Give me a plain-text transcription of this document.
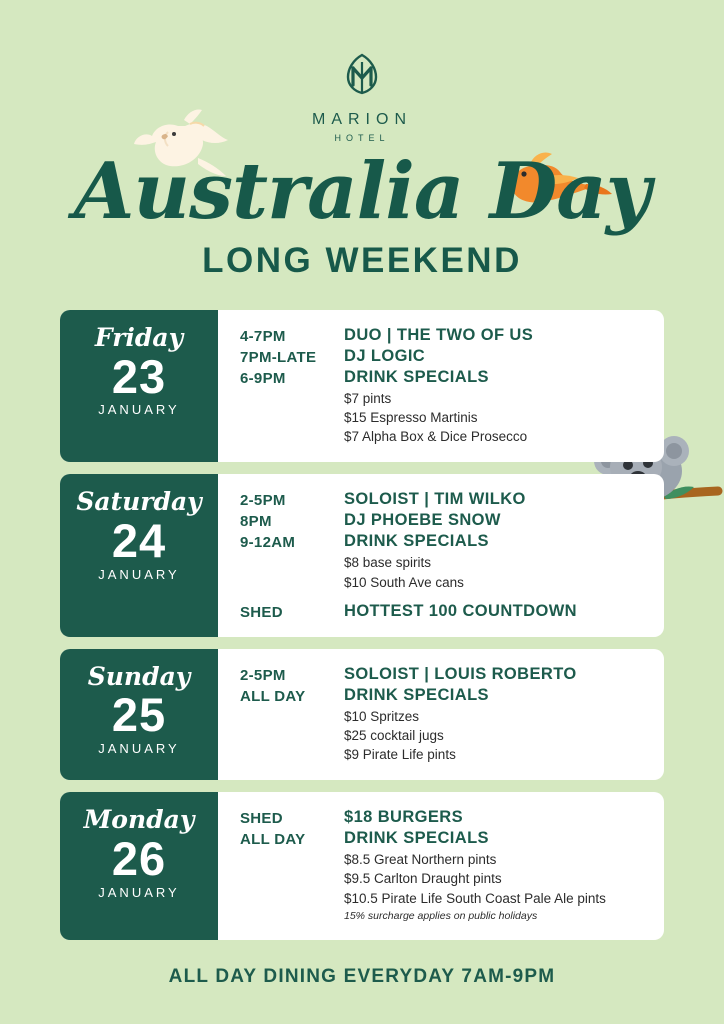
MARION
HOTEL
Australia Day
LONG WEEKEND
Friday
23
JANUARY
4-7PM	DUO | THE TWO OF US
7PM-LATE	DJ LOGIC
6-9PM	DRINK SPECIALS
$7 pints
$15 Espresso Martinis
$7 Alpha Box & Dice Prosecco
Saturday
24
JANUARY
2-5PM	SOLOIST | TIM WILKO
8PM	DJ PHOEBE SNOW
9-12AM	DRINK SPECIALS
$8 base spirits
$10 South Ave cans
SHED	HOTTEST 100 COUNTDOWN
Sunday
25
JANUARY
2-5PM	SOLOIST | LOUIS ROBERTO
ALL DAY	DRINK SPECIALS
$10 Spritzes
$25 cocktail jugs
$9 Pirate Life pints
Monday
26
JANUARY
SHED	$18 BURGERS
ALL DAY	DRINK SPECIALS
$8.5 Great Northern pints
$9.5 Carlton Draught pints
$10.5 Pirate Life South Coast Pale Ale pints
15% surcharge applies on public holidays
ALL DAY DINING EVERYDAY 7AM-9PM
